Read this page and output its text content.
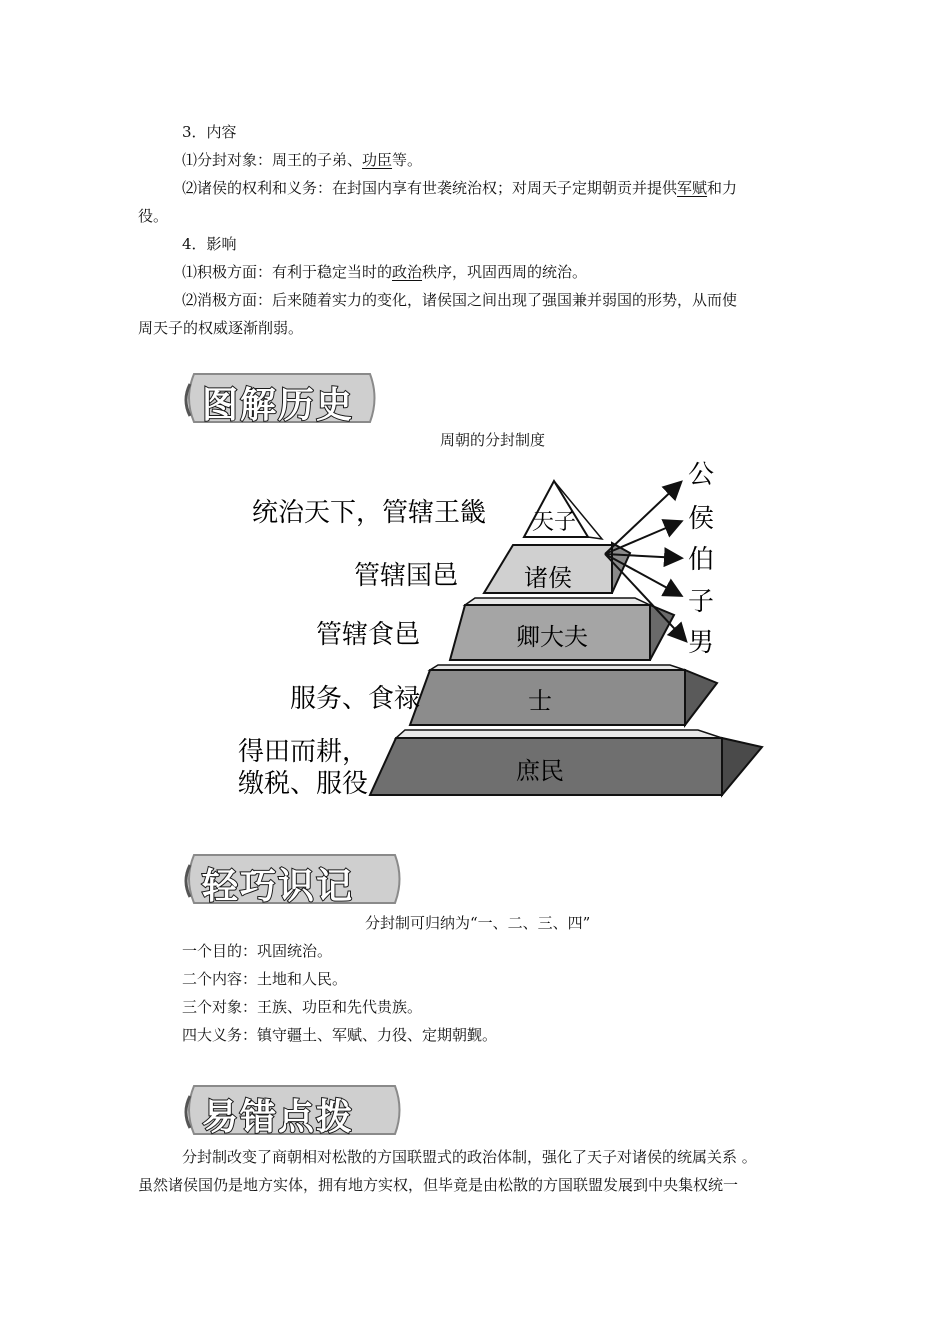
3．内容
⑴分封对象：周王的子弟、功臣等。
⑵诸侯的权利和义务：在封国内享有世袭统治权；对周天子定期朝贡并提供军赋和力
役。
4．影响
⑴积极方面：有利于稳定当时的政治秩序，巩固西周的统治。
⑵消极方面：后来随着实力的变化，诸侯国之间出现了强国兼并弱国的形势，从而使
周天子的权威逐渐削弱。
图解历史
周朝的分封制度
天子
诸侯
卿大夫
士
庶民
统治天下，管辖王畿
管辖国邑
管辖食邑
服务、食禄
得田而耕，
缴税、服役
公
侯
伯
子
男
轻巧识记
分封制可归纳为“一、二、三、四”
一个目的：巩固统治。
二个内容：土地和人民。
三个对象：王族、功臣和先代贵族。
四大义务：镇守疆土、军赋、力役、定期朝觐。
易错点拨
分封制改变了商朝相对松散的方国联盟式的政治体制，强化了天子对诸侯的统属关系 。
虽然诸侯国仍是地方实体，拥有地方实权，但毕竟是由松散的方国联盟发展到中央集权统一
